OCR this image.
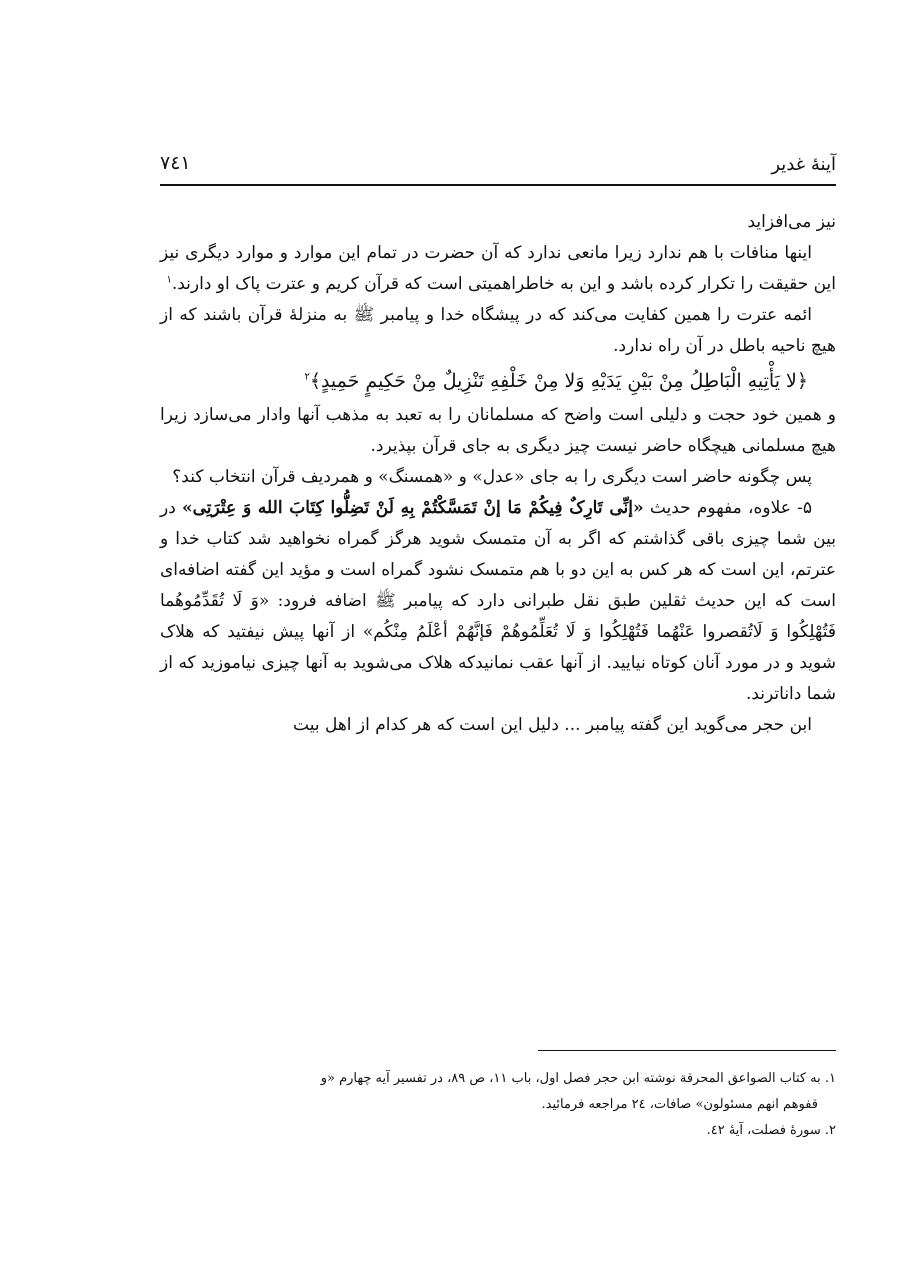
آینهٔ غدیر
۷٤۱

نیز می‌افزاید

اینها منافات با هم ندارد زیرا مانعی ندارد که آن حضرت در تمام این موارد و موارد دیگری نیز این حقیقت را تکرار کرده باشد و این به خاطراهمیتی است که قرآن کریم و عترت پاک او دارند.$^۱$

ائمه عترت را همین کفایت می‌کند که در پیشگاه خدا و پیامبر ﷺ به منزلهٔ قرآن باشند که از هیچ ناحیه باطل در آن راه ندارد.

﴿لا یَأْتِیهِ الْبَاطِلُ مِنْ بَیْنِ یَدَیْهِ وَلا مِنْ خَلْفِهِ تَنْزِیلٌ مِنْ حَکِیمٍ حَمِیدٍ﴾$^۲$

و همین خود حجت و دلیلی است واضح که مسلمانان را به تعبد به مذهب آنها وادار می‌سازد زیرا هیچ مسلمانی هیچگاه حاضر نیست چیز دیگری به جای قرآن بپذیرد.

پس چگونه حاضر است دیگری را به جای «عدل» و «همسنگ» و همردیف قرآن انتخاب کند؟

۵- علاوه، مفهوم حدیث «إنِّی تَارِکٌ فِیکُمْ مَا إنْ تَمَسَّکْتُمْ بِهِ لَنْ تَضِلُّوا کِتَابَ الله وَ عِتْرَتِی» در بین شما چیزی باقی گذاشتم که اگر به آن متمسک شوید هرگز گمراه نخواهید شد کتاب خدا و عترتم، این است که هر کس به این دو با هم متمسک نشود گمراه است و مؤید این گفته اضافه‌ای است که این حدیث ثقلین طبق نقل طبرانی دارد که پیامبر ﷺ اضافه فرود: «وَ لَا تُقَدِّمُوهُما فَتُهْلِکُوا وَ لَاتُقصروا عَنْهُما فَتُهْلِکُوا وَ لَا تُعَلِّمُوهُمْ فَإنَّهُمْ أعْلَمُ مِنْکُم» از آنها پیش نیفتید که هلاک شوید و در مورد آنان کوتاه نیایید. از آنها عقب نمانیدکه هلاک می‌شوید به آنها چیزی نیاموزید که از شما داناترند.

ابن حجر می‌گوید این گفته پیامبر ... دلیل این است که هر کدام از اهل بیت

۱. به کتاب الصواعق المحرقة نوشته ابن حجر فصل اول، باب ۱۱، ص ۸۹، در تفسیر آیه چهارم «و

قفوهم انهم مسئولون» صافات، ۲٤ مراجعه فرمائید.

۲. سورهٔ فصلت، آیهٔ ٤۲.
